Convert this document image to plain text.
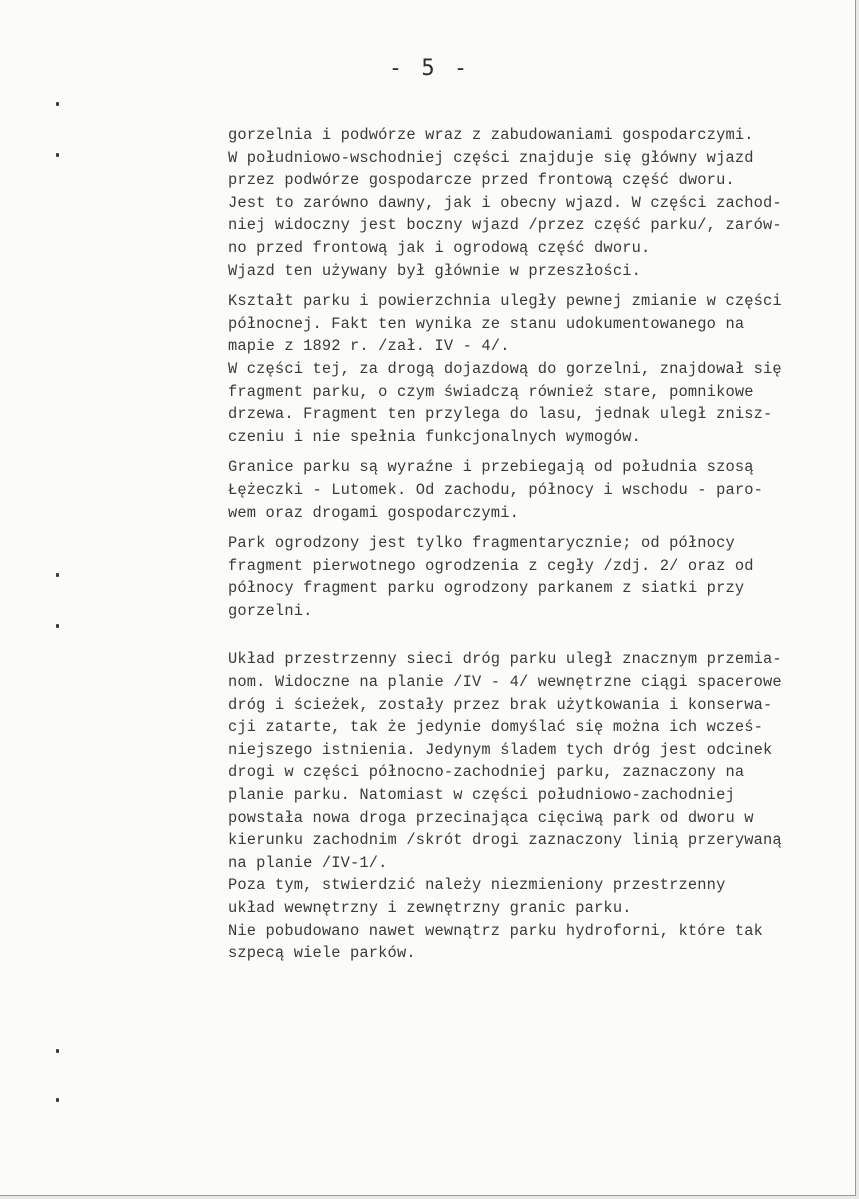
- 5 -

gorzelnia i podwórze wraz z zabudowaniami gospodarczymi.
W południowo-wschodniej części znajduje się główny wjazd
przez podwórze gospodarcze przed frontową część dworu.
Jest to zarówno dawny, jak i obecny wjazd. W części zachod-
niej widoczny jest boczny wjazd /przez część parku/, zarów-
no przed frontową jak i ogrodową część dworu.
Wjazd ten używany był głównie w przeszłości.

Kształt parku i powierzchnia uległy pewnej zmianie w części
północnej. Fakt ten wynika ze stanu udokumentowanego na
mapie z 1892 r. /zał. IV - 4/.
W części tej, za drogą dojazdową do gorzelni, znajdował się
fragment parku, o czym świadczą również stare, pomnikowe
drzewa. Fragment ten przylega do lasu, jednak uległ znisz-
czeniu i nie spełnia funkcjonalnych wymogów.

Granice parku są wyraźne i przebiegają od południa szosą
Łężeczki - Lutomek. Od zachodu, północy i wschodu - paro-
wem oraz drogami gospodarczymi.

Park ogrodzony jest tylko fragmentarycznie; od północy
fragment pierwotnego ogrodzenia z cegły /zdj. 2/ oraz od
północy fragment parku ogrodzony parkanem z siatki przy
gorzelni.

Układ przestrzenny sieci dróg parku uległ znacznym przemia-
nom. Widoczne na planie /IV - 4/ wewnętrzne ciągi spacerowe
dróg i ścieżek, zostały przez brak użytkowania i konserwa-
cji zatarte, tak że jedynie domyślać się można ich wcześ-
niejszego istnienia. Jedynym śladem tych dróg jest odcinek
drogi w części północno-zachodniej parku, zaznaczony na
planie parku. Natomiast w części południowo-zachodniej
powstała nowa droga przecinająca cięciwą park od dworu w
kierunku zachodnim /skrót drogi zaznaczony linią przerywaną
na planie /IV-1/.
Poza tym, stwierdzić należy niezmieniony przestrzenny
układ wewnętrzny i zewnętrzny granic parku.
Nie pobudowano nawet wewnątrz parku hydroforni, które tak
szpecą wiele parków.
